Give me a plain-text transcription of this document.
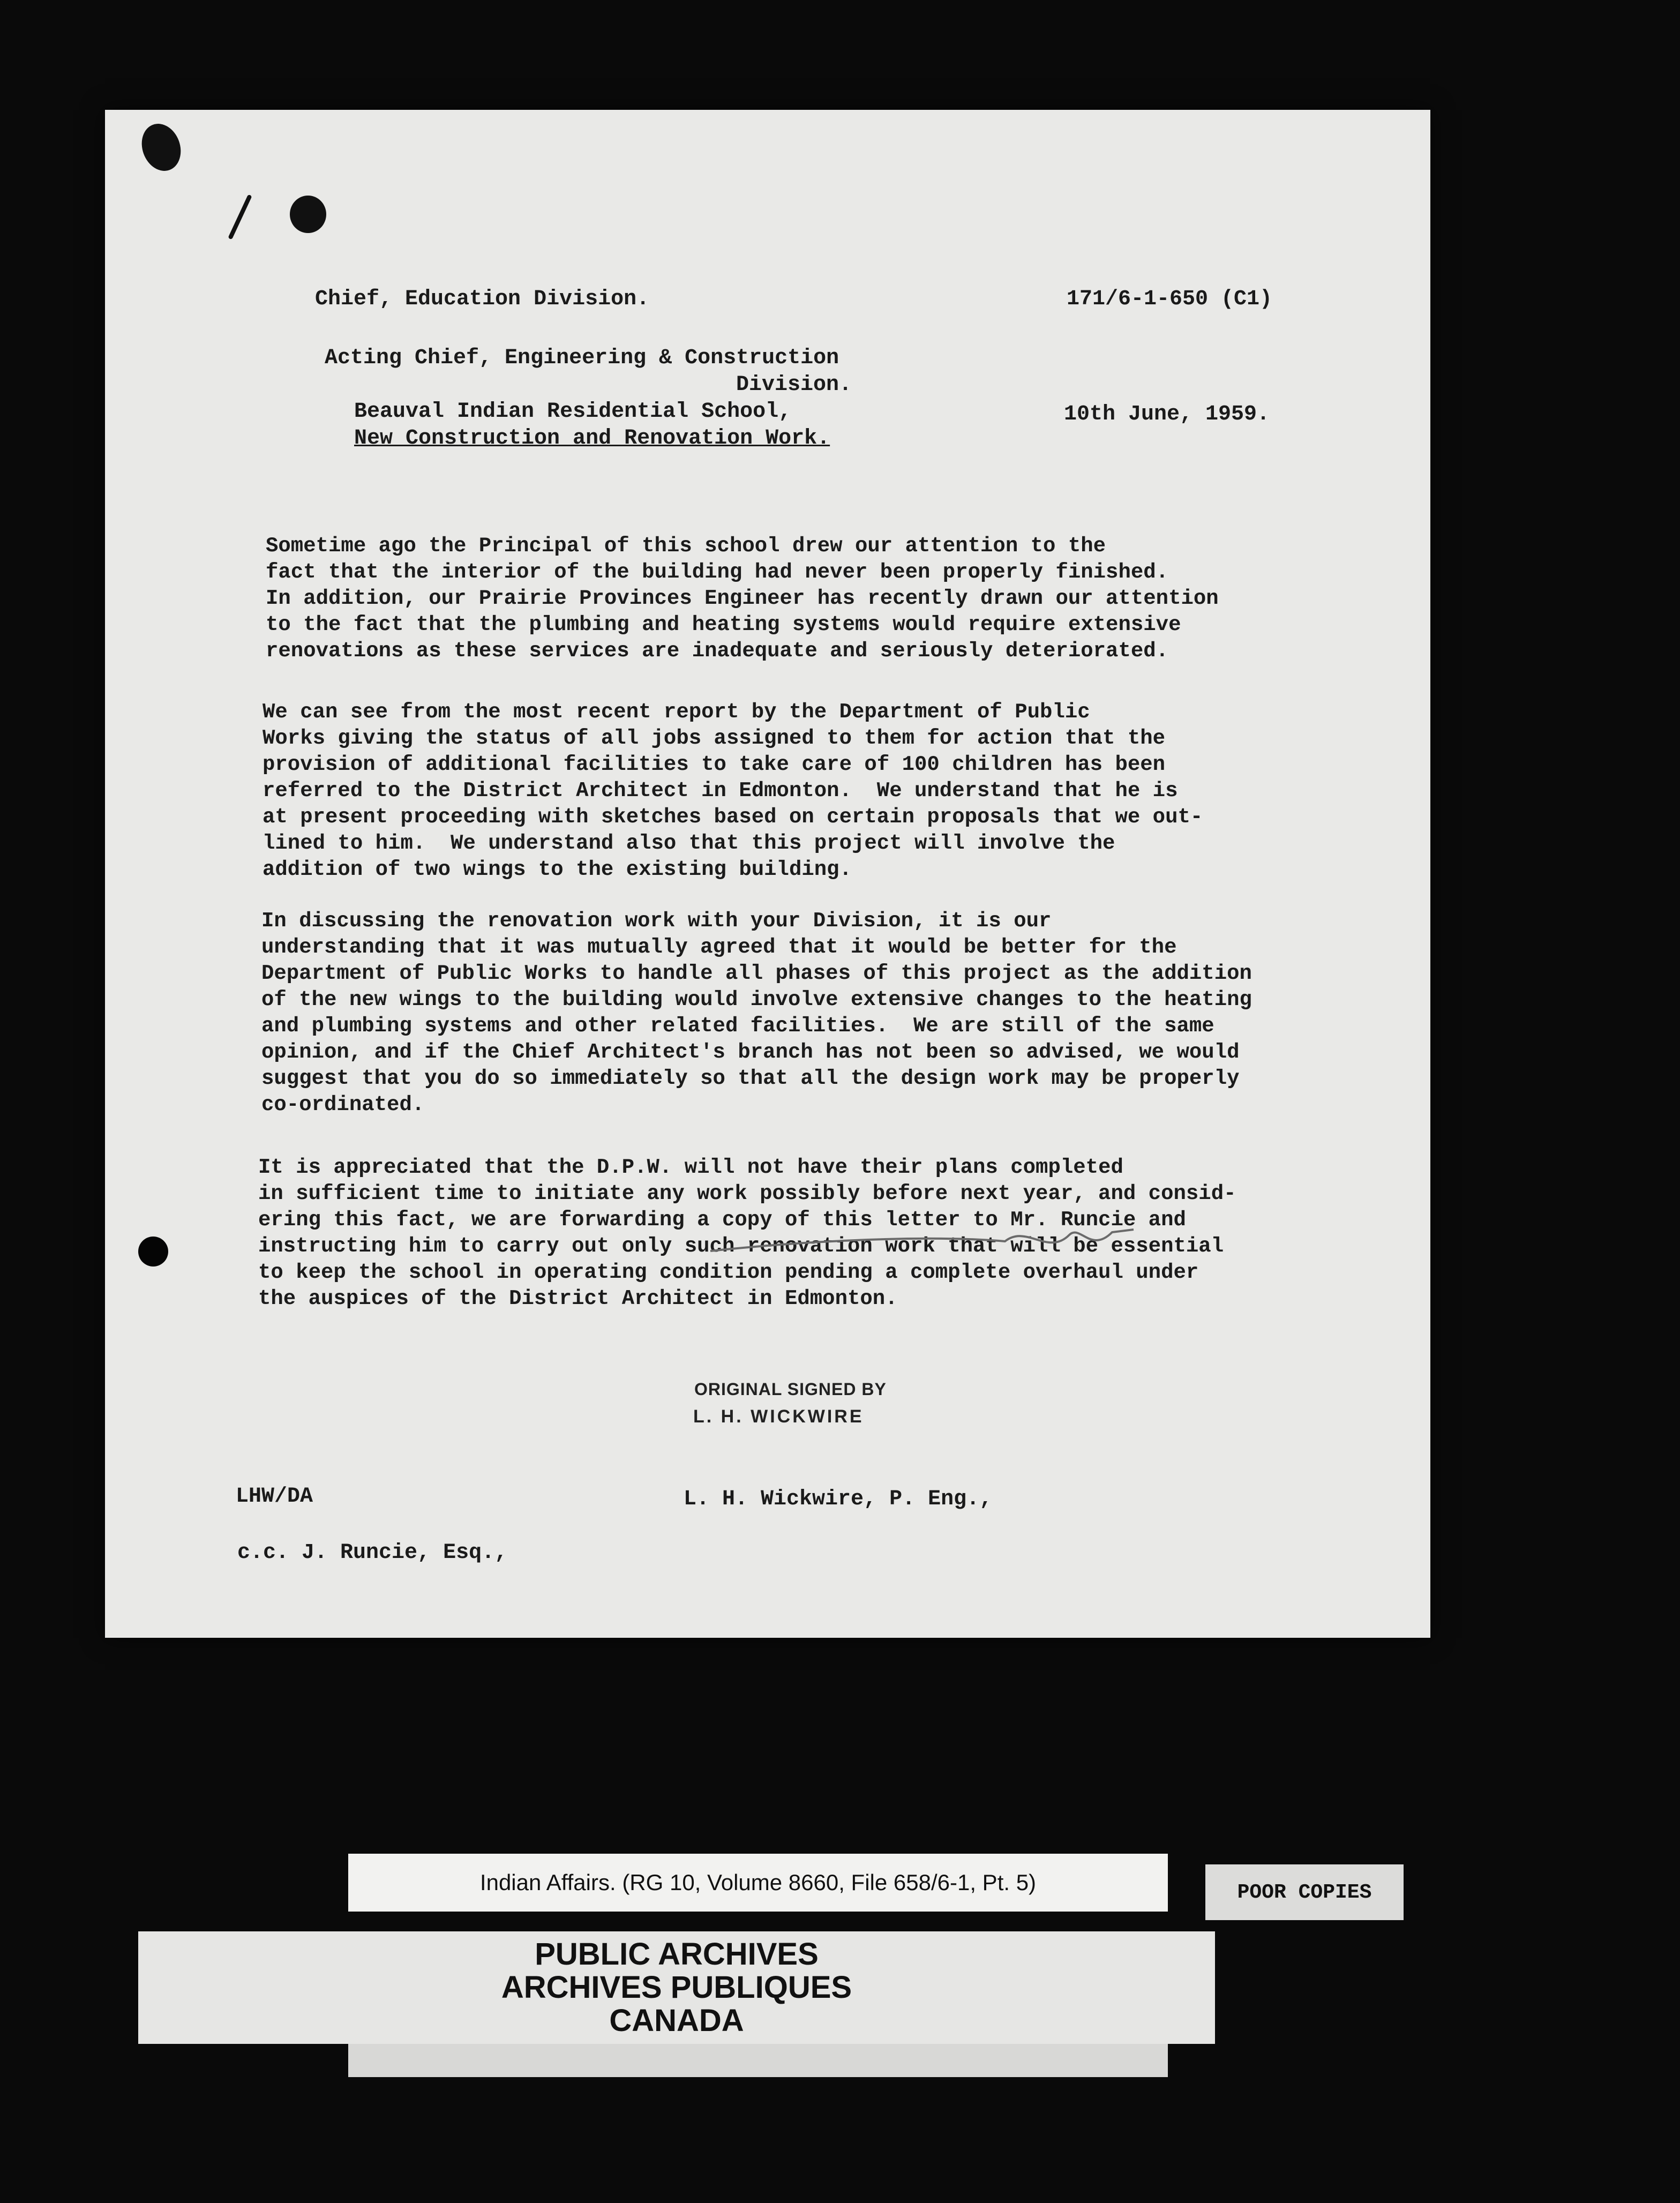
Chief, Education Division.	171/6-1-650 (C1)
Acting Chief, Engineering & Construction
Division.
Beauval Indian Residential School,	10th June, 1959.
New Construction and Renovation Work.
Sometime ago the Principal of this school drew our attention to the
fact that the interior of the building had never been properly finished.
In addition, our Prairie Provinces Engineer has recently drawn our attention
to the fact that the plumbing and heating systems would require extensive
renovations as these services are inadequate and seriously deteriorated.
We can see from the most recent report by the Department of Public
Works giving the status of all jobs assigned to them for action that the
provision of additional facilities to take care of 100 children has been
referred to the District Architect in Edmonton.  We understand that he is
at present proceeding with sketches based on certain proposals that we out-
lined to him.  We understand also that this project will involve the
addition of two wings to the existing building.
In discussing the renovation work with your Division, it is our
understanding that it was mutually agreed that it would be better for the
Department of Public Works to handle all phases of this project as the addition
of the new wings to the building would involve extensive changes to the heating
and plumbing systems and other related facilities.  We are still of the same
opinion, and if the Chief Architect's branch has not been so advised, we would
suggest that you do so immediately so that all the design work may be properly
co-ordinated.
It is appreciated that the D.P.W. will not have their plans completed
in sufficient time to initiate any work possibly before next year, and consid-
ering this fact, we are forwarding a copy of this letter to Mr. Runcie and
instructing him to carry out only such renovation work that will be essential
to keep the school in operating condition pending a complete overhaul under
the auspices of the District Architect in Edmonton.
ORIGINAL SIGNED BY
L. H. WICKWIRE
LHW/DA	L. H. Wickwire, P. Eng.,
c.c. J. Runcie, Esq.,
Indian Affairs. (RG 10, Volume 8660, File 658/6-1, Pt. 5)	POOR COPIES
PUBLIC ARCHIVES
ARCHIVES PUBLIQUES
CANADA
